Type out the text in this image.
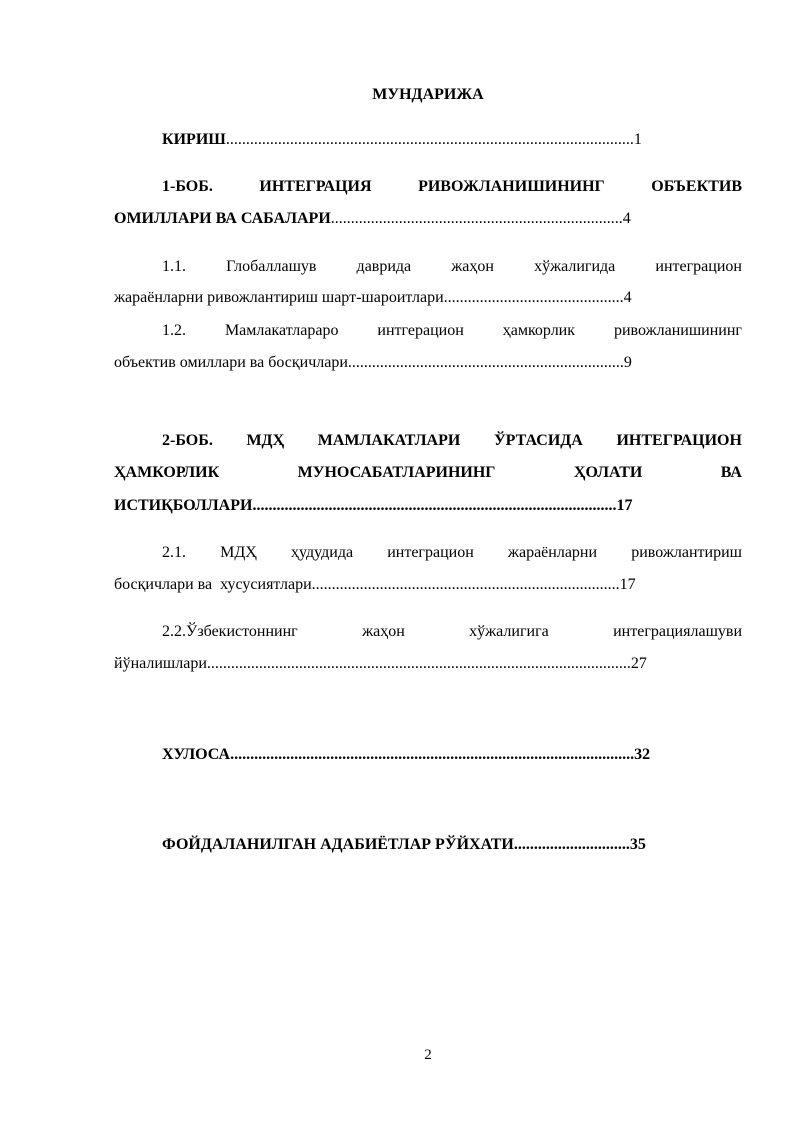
МУНДАРИЖА
КИРИШ......................................................................................................1
1-БОБ.	ИНТЕГРАЦИЯ	РИВОЖЛАНИШИНИНГ	ОБЪЕКТИВ
ОМИЛЛАРИ ВА САБАЛАРИ.........................................................................4
1.1.	Глобаллашув	даврида	жаҳон	хўжалигида	интеграцион
жараёнларни ривожлантириш шарт-шароитлари.............................................4
1.2. Мамлакатлараро интгерацион ҳамкорлик ривожланишининг
объектив омиллари ва босқичлари.....................................................................9
2-БОБ. МДҲ МАМЛАКАТЛАРИ ЎРТАСИДА ИНТЕГРАЦИОН
ҲАМКОРЛИК	МУНОСАБАТЛАРИНИНГ	ҲОЛАТИ	ВА
ИСТИҚБОЛЛАРИ...........................................................................................17
2.1. МДҲ ҳудудида интеграцион жараёнларни ривожлантириш
босқичлари ва  хусусиятлари.............................................................................17
2.2.Ўзбекистоннинг	жаҳон	хўжалигига	интеграциялашуви
йўналишлари..........................................................................................................27
ХУЛОСА.....................................................................................................32
ФОЙДАЛАНИЛГАН АДАБИЁТЛАР РЎЙХАТИ.............................35
2
